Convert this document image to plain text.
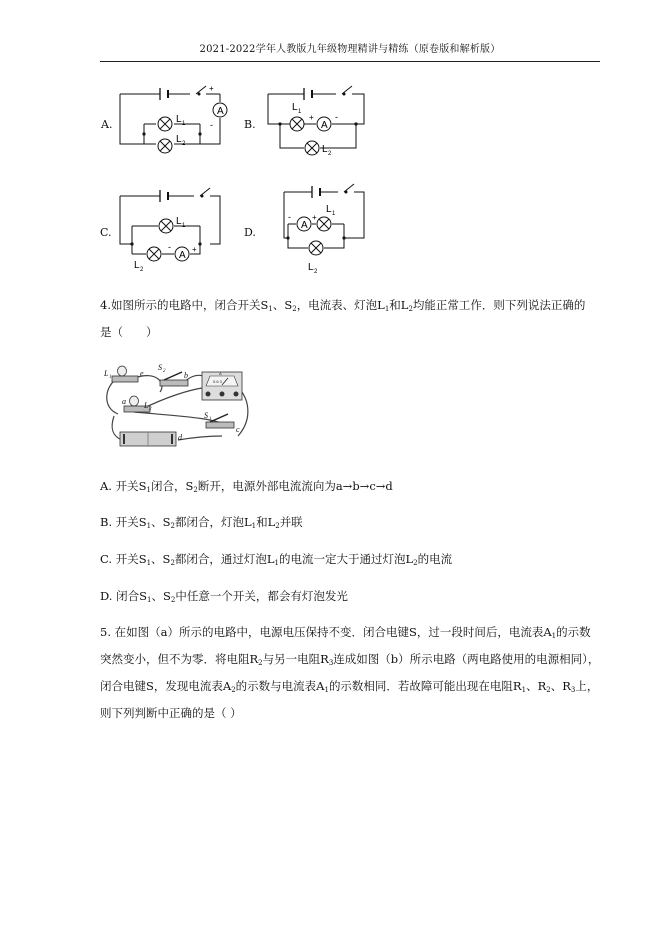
2021-2022学年人教版九年级物理精讲与精练（原卷版和解析版）
A.
A
+
-
L 1
L 2
B.	A
+ -
L 1
L 2
C.
A
+
-
L 1
L 2
D.
A
+
-
L 1
L 2
4.如图所示的电路中，闭合开关$S_1$、$S_2$，电流表、灯泡$L_1$和$L_2$均能正常工作．则下列说法正确的
是（　　）
L 1
L 2
S 2
S 1
e
a
b
c
d
0.6 3
A
A. 开关$S_1$闭合，$S_2$断开，电源外部电流流向为a→b→c→d
B. 开关$S_1$、$S_2$都闭合，灯泡$L_1$和$L_2$并联
C. 开关$S_1$、$S_2$都闭合，通过灯泡$L_1$的电流一定大于通过灯泡$L_2$的电流
D. 闭合$S_1$、$S_2$中任意一个开关，都会有灯泡发光
5. 在如图（a）所示的电路中，电源电压保持不变．闭合电键S，过一段时间后，电流表$A_1$的示数
突然变小，但不为零．将电阻$R_2$与另一电阻$R_3$连成如图（b）所示电路（两电路使用的电源相同），
闭合电键S，发现电流表$A_2$的示数与电流表$A_1$的示数相同．若故障可能出现在电阻$R_1$、$R_2$、$R_3$上，
则下列判断中正确的是（ ）
